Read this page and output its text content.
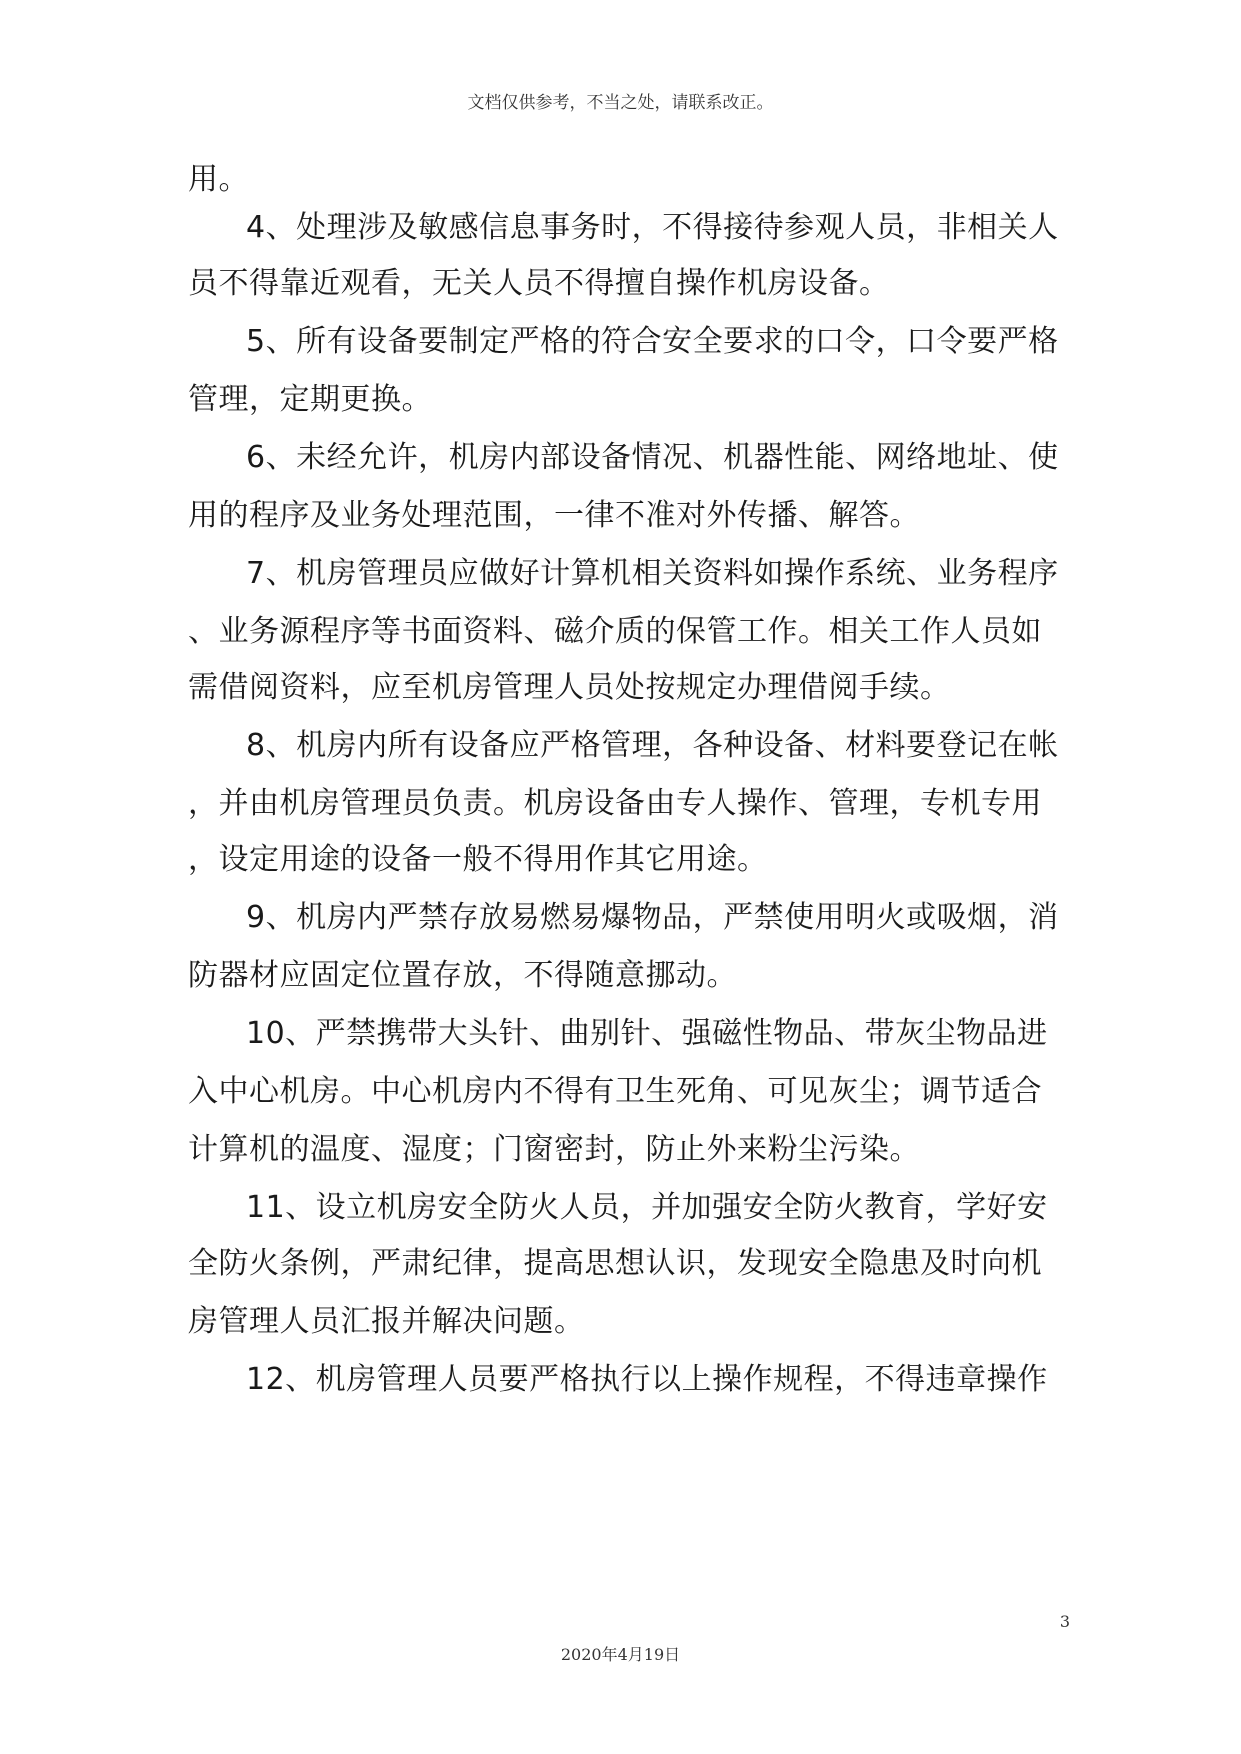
文档仅供参考，不当之处，请联系改正。
用。
4、处理涉及敏感信息事务时，不得接待参观人员，非相关人
员不得靠近观看，无关人员不得擅自操作机房设备。
5、所有设备要制定严格的符合安全要求的口令，口令要严格
管理，定期更换。
6、未经允许，机房内部设备情况、机器性能、网络地址、使
用的程序及业务处理范围，一律不准对外传播、解答。
7、机房管理员应做好计算机相关资料如操作系统、业务程序
、业务源程序等书面资料、磁介质的保管工作。相关工作人员如
需借阅资料，应至机房管理人员处按规定办理借阅手续。
8、机房内所有设备应严格管理，各种设备、材料要登记在帐
，并由机房管理员负责。机房设备由专人操作、管理，专机专用
，设定用途的设备一般不得用作其它用途。
9、机房内严禁存放易燃易爆物品，严禁使用明火或吸烟，消
防器材应固定位置存放，不得随意挪动。
10、严禁携带大头针、曲别针、强磁性物品、带灰尘物品进
入中心机房。中心机房内不得有卫生死角、可见灰尘；调节适合
计算机的温度、湿度；门窗密封，防止外来粉尘污染。
11、设立机房安全防火人员，并加强安全防火教育，学好安
全防火条例，严肃纪律，提高思想认识，发现安全隐患及时向机
房管理人员汇报并解决问题。
12、机房管理人员要严格执行以上操作规程，不得违章操作
3
2020年4月19日
